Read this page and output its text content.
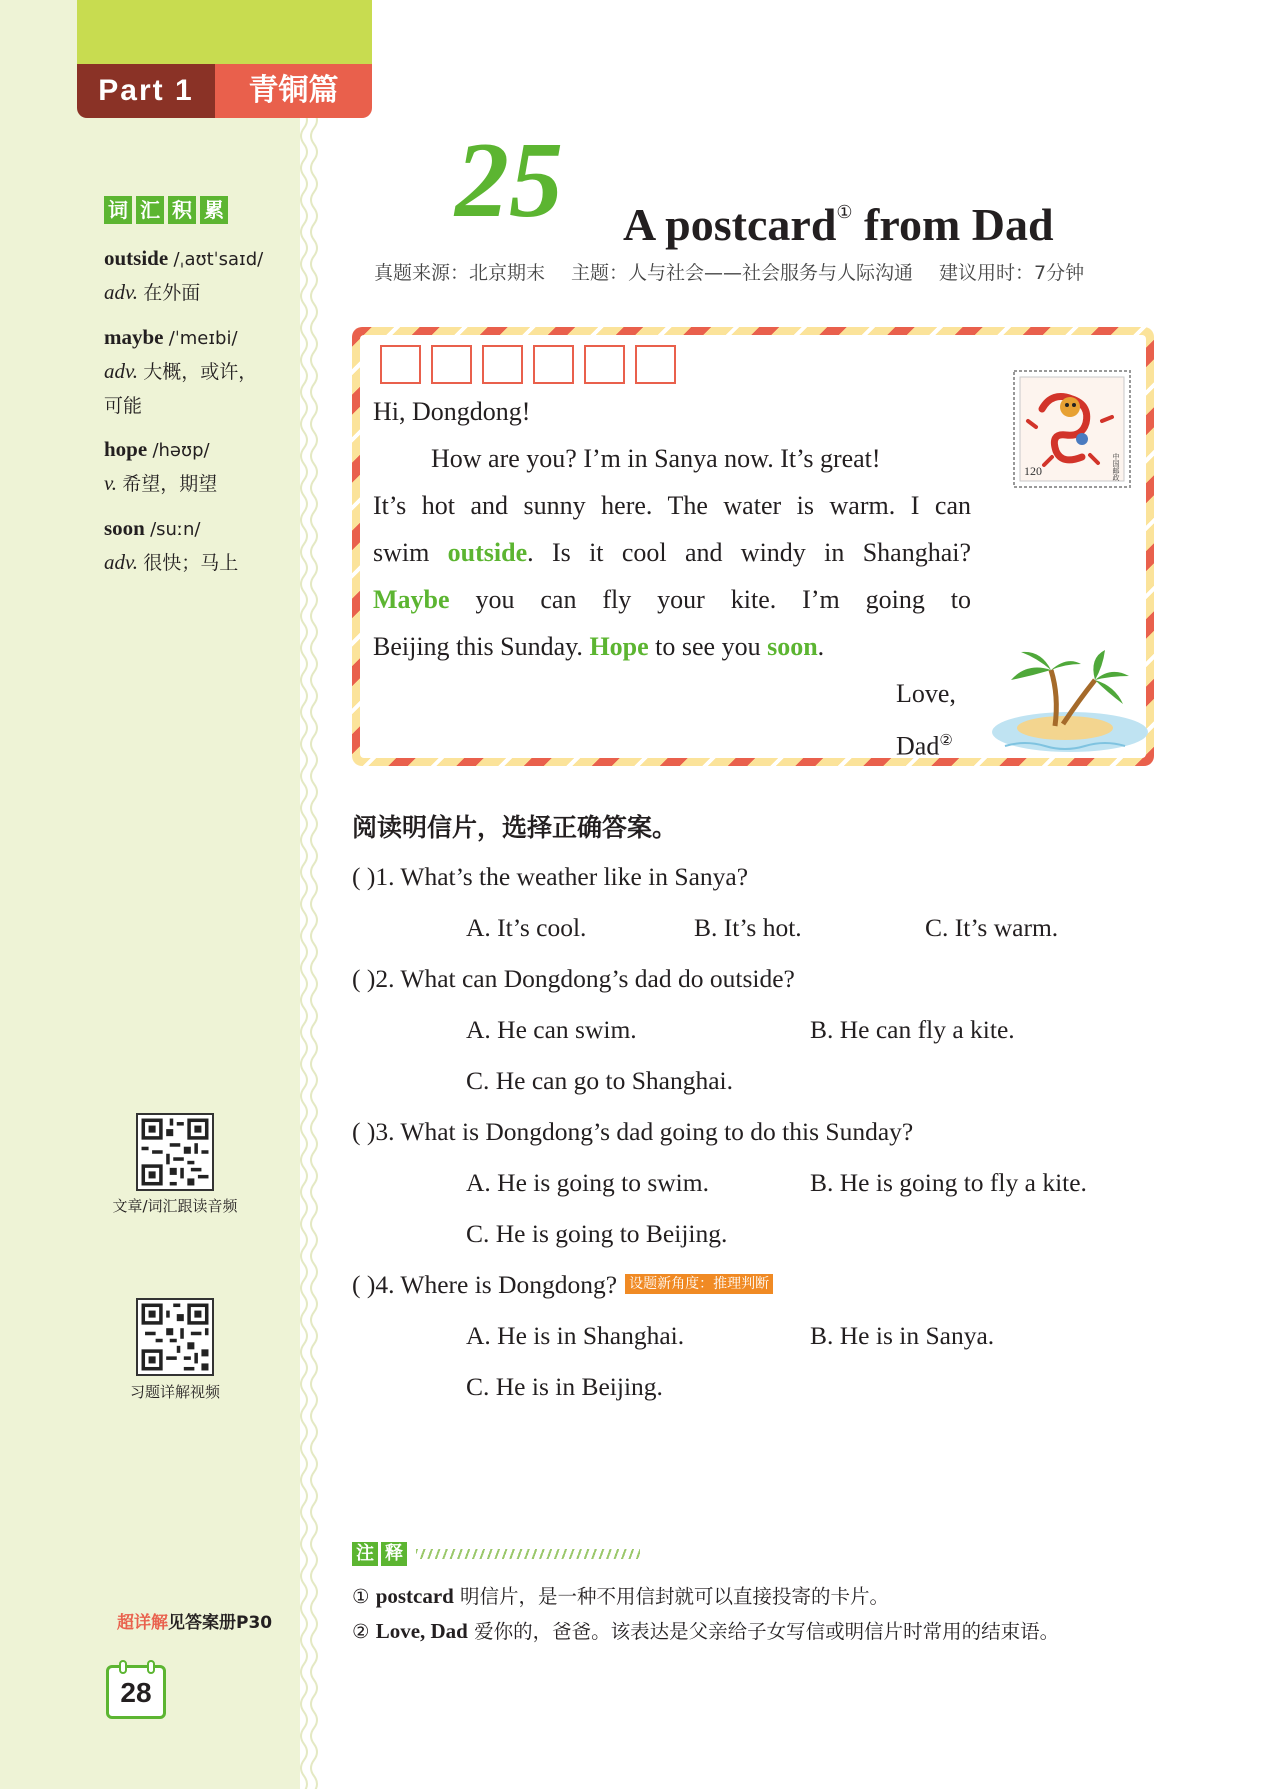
Part 1	青铜篇
词 汇 积 累
outside /ˌaʊtˈsaɪd/
adv. 在外面
maybe /ˈmeɪbi/
adv. 大概，或许，
可能
hope /həʊp/
v. 希望，期望
soon /suːn/
adv. 很快；马上
文章/词汇跟读音频
习题详解视频
超详解见答案册P30
28
25 A postcard① from Dad
真题来源：北京期末 主题：人与社会——社会服务与人际沟通 建议用时：7分钟
120	中国邮政
Hi, Dongdong!
How are you? I’m in Sanya now. It’s great!
It’s hot and sunny here. The water is warm. I can
swim outside. Is it cool and windy in Shanghai?
Maybe you can fly your kite. I’m going to
Beijing this Sunday. Hope to see you soon.
Love,
Dad②
阅读明信片，选择正确答案。
( )1. What’s the weather like in Sanya?
A. It’s cool.	B. It’s hot.	C. It’s warm.
( )2. What can Dongdong’s dad do outside?
A. He can swim.	B. He can fly a kite.
C. He can go to Shanghai.
( )3. What is Dongdong’s dad going to do this Sunday?
A. He is going to swim.	B. He is going to fly a kite.
C. He is going to Beijing.
( )4. Where is Dongdong? 设题新角度：推理判断
A. He is in Shanghai.	B. He is in Sanya.
C. He is in Beijing.
注 释
① postcard 明信片，是一种不用信封就可以直接投寄的卡片。
② Love, Dad 爱你的，爸爸。该表达是父亲给子女写信或明信片时常用的结束语。
